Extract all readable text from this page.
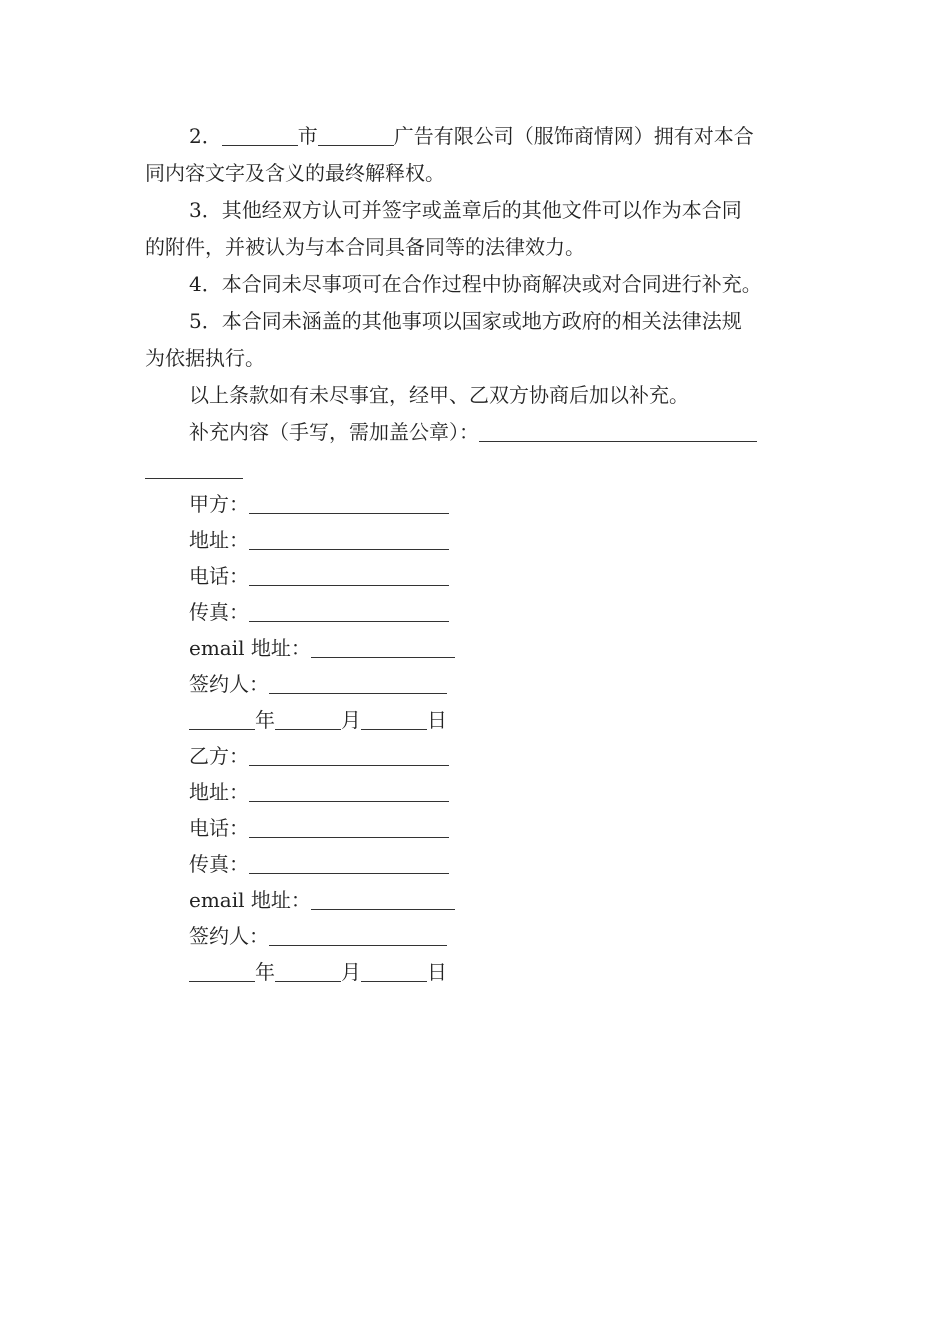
2．	市	广告有限公司（服饰商情网）拥有对本合

同内容文字及含义的最终解释权。

3．其他经双方认可并签字或盖章后的其他文件可以作为本合同

的附件，并被认为与本合同具备同等的法律效力。

4．本合同未尽事项可在合作过程中协商解决或对合同进行补充。

5．本合同未涵盖的其他事项以国家或地方政府的相关法律法规

为依据执行。

以上条款如有未尽事宜，经甲、乙双方协商后加以补充。

补充内容（手写，需加盖公章）：

甲方：

地址：

电话：

传真：

email 地址：

签约人：

年	月	日

乙方：

地址：

电话：

传真：

email 地址：

签约人：

年	月	日
